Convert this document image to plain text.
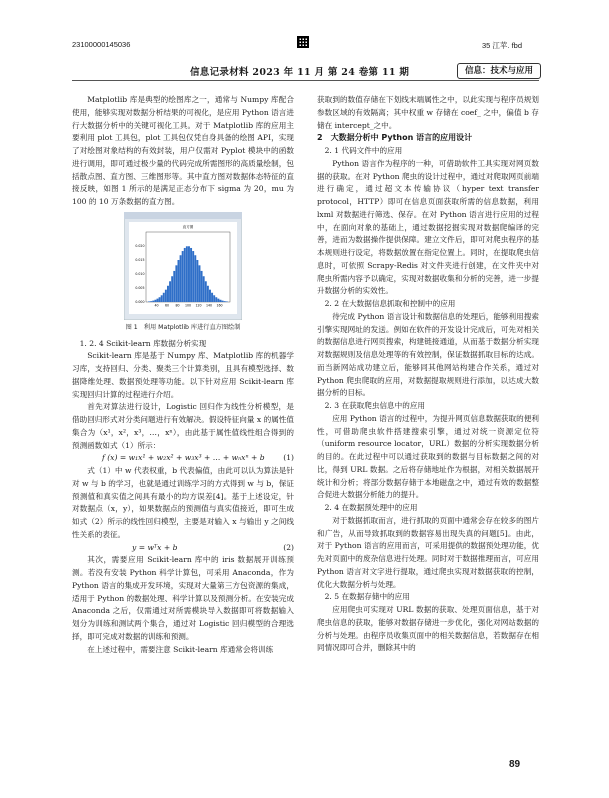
23100000145036	35 江苹. fbd
信息记录材料 2023 年 11 月 第 24 卷第 11 期	信息：技术与应用

Matplotlib 库是典型的绘图库之一，通常与 Numpy 库配合使用，能够实现对数据分析结果的可视化，是应用 Python 语言进行大数据分析中的关键可视化工具。对于 Matplotlib 库的应用主要利用 plot 工具包，plot 工具包仅凭自身具备的绘图 API，实现了对绘图对象结构的有效封装，用户仅需对 Pyplot 模块中的函数进行调用，即可通过极少量的代码完成所需图形的高质量绘制，包括散点图、直方图、三维图形等。其中直方图对数据体态特征的直接反映，如图 1 所示的是满足正态分布下 sigma 为 20，mu 为 100 的 10 万条数据的直方图。

直方图
0.000
0.005
0.010
0.015
0.020
40 60 80 100 120 140 160
图 1　利用 Matplotlib 库进行直方图绘制
1. 2. 4 Scikit-learn 库数据分析实现

Scikit-learn 库是基于 Numpy 库、Matplotlib 库的机器学习库，支持回归、分类、聚类三个计算类别，且具有模型选择、数据降维处理、数据预处理等功能。以下针对应用 Scikit-learn 库实现回归计算的过程进行介绍。

首先对算法进行设计，Logistic 回归作为线性分析模型，是借助回归形式对分类问题进行有效解决。假设特征向量 x 的属性值集合为（x¹，x²，x³，…，xⁿ），由此基于属性值线性组合得到的预测函数如式（1）所示：

f (x) = w₁x¹ + w₂x² + w₃x³ + … + wₙxⁿ + b (1)

式（1）中 w 代表权重，b 代表偏值，由此可以认为算法是针对 w 与 b 的学习，也就是通过训练学习的方式得到 w 与 b，保证预测值和真实值之间具有最小的均方误差[4]。基于上述设定，针对数据点（x，y），如果数据点的预测值与真实值接近，即可生成如式（2）所示的线性回归模型，主要是对输入 x 与输出 y 之间线性关系的表征。

y = wᵀx + b	(2)

其次，需要应用 Scikit-learn 库中的 iris 数据展开训练预测。若没有安装 Python 科学计算包，可采用 Anaconda，作为 Python 语言的集成开发环境，实现对大量第三方包资源的集成，适用于 Python 的数据处理、科学计算以及预测分析。在安装完成 Anaconda 之后，仅需通过对所需模块导入数据即可将数据输入划分为训练和测试两个集合，通过对 Logistic 回归模型的合理选择，即可完成对数据的训练和预测。

在上述过程中，需要注意 Scikit-learn 库通常会将训练

获取到的数值存储在下划线末端属性之中，以此实现与程序员规划参数区域的有效隔离；其中权重 w 存储在 coef_ 之中，偏值 b 存储在 intercept_之中。

2　大数据分析中 Python 语言的应用设计
2. 1 代码文件中的应用

Python 语言作为程序的一种，可借助软件工具实现对网页数据的获取。在对 Python 爬虫的设计过程中，通过对爬取网页前端进行确定，通过超文本传输协议（hyper text transfer protocol，HTTP）即可在信息页面获取所需的信息数据，利用 lxml 对数据进行筛选、保存。在对 Python 语言进行应用的过程中，在面向对象的基础上，通过数据挖掘实现对数据爬编译的完善，进而为数据操作提供保障。建立文件后，即可对爬虫程序的基本规则进行设定，将数据放置在指定位置上。同时，在提取爬虫信息时，可依照 Scrapy-Redis 对文件夹进行创建，在文件夹中对爬虫所需内容予以确定，实现对数据收集和分析的完善，进一步提升数据分析的实效性。

2. 2 在大数据信息抓取和控制中的应用

待完成 Python 语言设计和数据信息的处理后，能够利用搜索引擎实现网址的发送。例如在软件的开发设计完成后，可先对相关的数据信息进行网页搜索，构建链接通道，从而基于数据分析实现对数据规则及信息处理等的有效控制，保证数据抓取目标的达成。而当新网站成功建立后，能够同其他网站构建合作关系，通过对 Python 爬虫爬取的应用，对数据提取规则进行添加，以达成大数据分析的目标。

2. 3 在获取爬虫信息中的应用

应用 Python 语言的过程中，为提升网页信息数据获取的便利性，可借助爬虫软件搭建搜索引擎，通过对统一资源定位符（uniform resource locator，URL）数据的分析实现数据分析的目的。在此过程中可以通过获取到的数据与目标数据之间的对比，得到 URL 数据。之后将存储地址作为根据，对相关数据展开统计和分析；将部分数据存储于本地磁盘之中，通过有效的数据整合促进大数据分析能力的提升。

2. 4 在数据预处理中的应用

对于数据抓取而言，进行抓取的页面中通常会存在较多的图片和广告，从而导致抓取到的数据容易出现失真的问题[5]。由此，对于 Python 语言的应用而言，可采用提供的数据预处理功能，优先对页面中的废杂信息进行处理。同时对于数据推理而言，可应用 Python 语言对文字进行提取，通过爬虫实现对数据获取的控制，优化大数据分析与处理。

2. 5 在数据存储中的应用

应用爬虫可实现对 URL 数据的获取、处理页面信息，基于对爬虫信息的获取，能够对数据存储进一步优化，强化对网站数据的分析与处理。由程序员收集页面中的相关数据信息，若数据存在相同情况即可合并，删除其中的

89
